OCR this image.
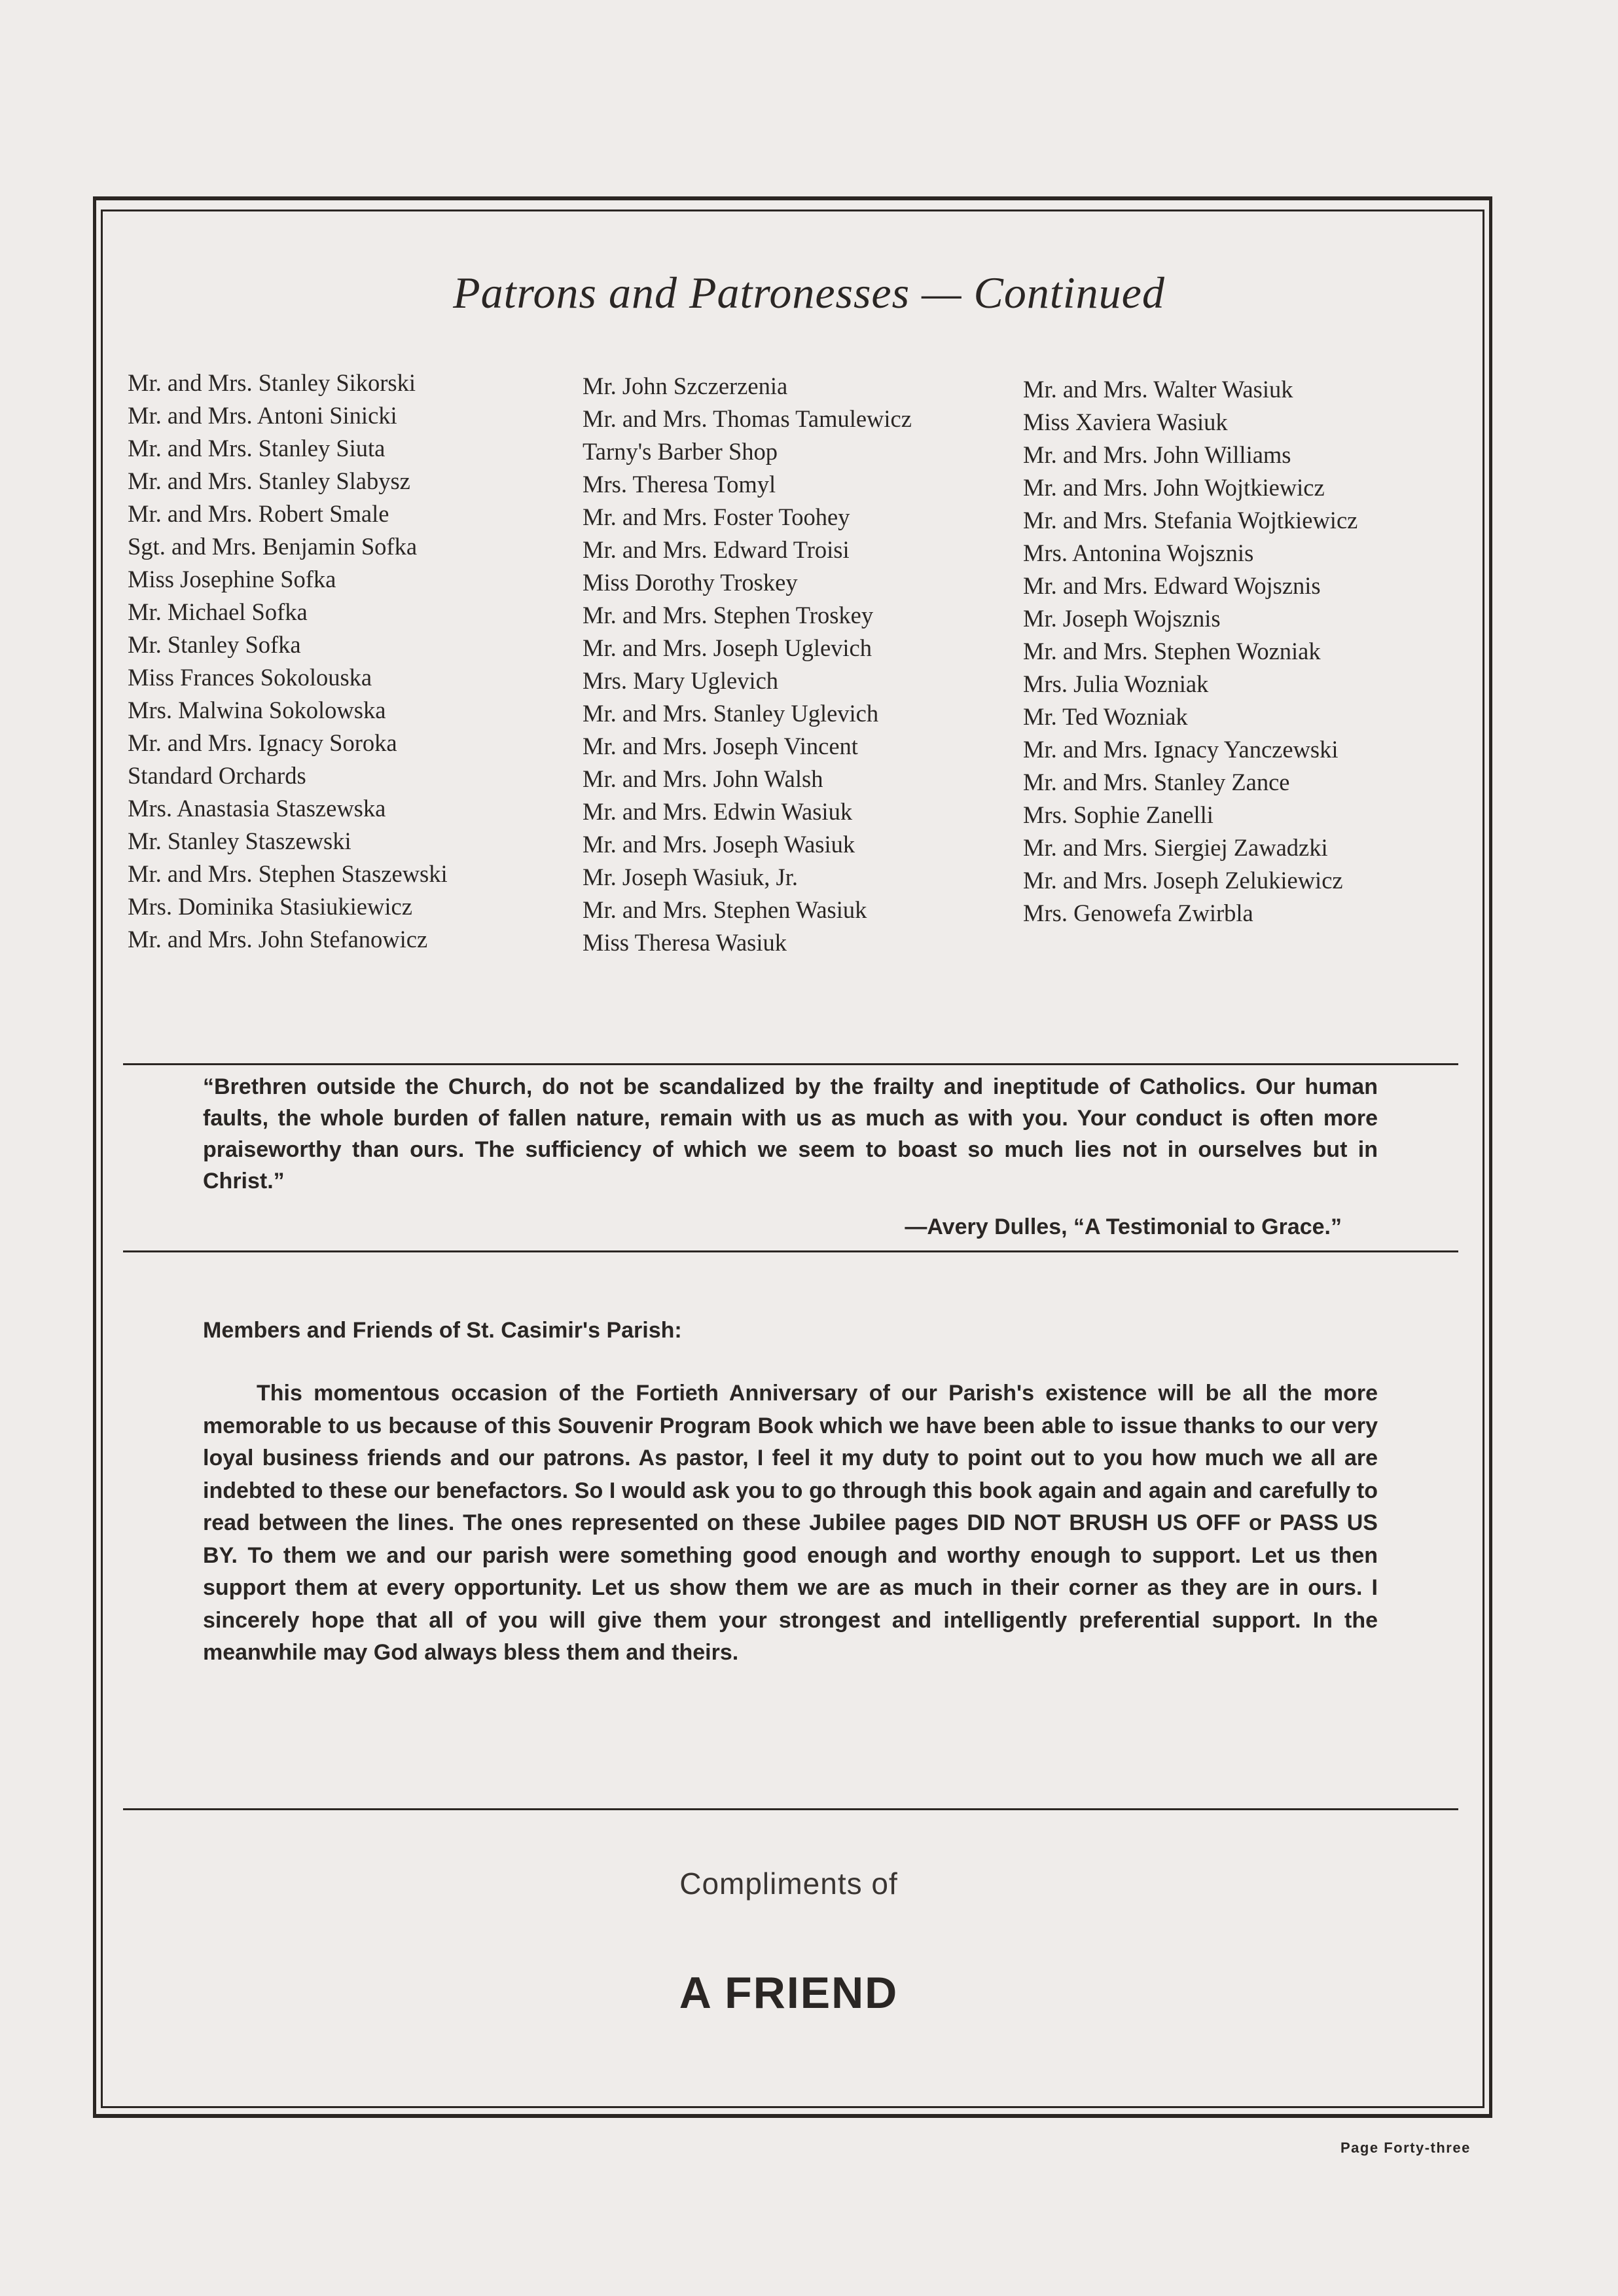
Patrons and Patronesses — Continued
Mr. and Mrs. Stanley Sikorski
Mr. and Mrs. Antoni Sinicki
Mr. and Mrs. Stanley Siuta
Mr. and Mrs. Stanley Slabysz
Mr. and Mrs. Robert Smale
Sgt. and Mrs. Benjamin Sofka
Miss Josephine Sofka
Mr. Michael Sofka
Mr. Stanley Sofka
Miss Frances Sokolouska
Mrs. Malwina Sokolowska
Mr. and Mrs. Ignacy Soroka
Standard Orchards
Mrs. Anastasia Staszewska
Mr. Stanley Staszewski
Mr. and Mrs. Stephen Staszewski
Mrs. Dominika Stasiukiewicz
Mr. and Mrs. John Stefanowicz
Mr. John Szczerzenia
Mr. and Mrs. Thomas Tamulewicz
Tarny's Barber Shop
Mrs. Theresa Tomyl
Mr. and Mrs. Foster Toohey
Mr. and Mrs. Edward Troisi
Miss Dorothy Troskey
Mr. and Mrs. Stephen Troskey
Mr. and Mrs. Joseph Uglevich
Mrs. Mary Uglevich
Mr. and Mrs. Stanley Uglevich
Mr. and Mrs. Joseph Vincent
Mr. and Mrs. John Walsh
Mr. and Mrs. Edwin Wasiuk
Mr. and Mrs. Joseph Wasiuk
Mr. Joseph Wasiuk, Jr.
Mr. and Mrs. Stephen Wasiuk
Miss Theresa Wasiuk
Mr. and Mrs. Walter Wasiuk
Miss Xaviera Wasiuk
Mr. and Mrs. John Williams
Mr. and Mrs. John Wojtkiewicz
Mr. and Mrs. Stefania Wojtkiewicz
Mrs. Antonina Wojsznis
Mr. and Mrs. Edward Wojsznis
Mr. Joseph Wojsznis
Mr. and Mrs. Stephen Wozniak
Mrs. Julia Wozniak
Mr. Ted Wozniak
Mr. and Mrs. Ignacy Yanczewski
Mr. and Mrs. Stanley Zance
Mrs. Sophie Zanelli
Mr. and Mrs. Siergiej Zawadzki
Mr. and Mrs. Joseph Zelukiewicz
Mrs. Genowefa Zwirbla
“Brethren outside the Church, do not be scandalized by the frailty and ineptitude of Catholics. Our human faults, the whole burden of fallen nature, remain with us as much as with you. Your conduct is often more praiseworthy than ours. The sufficiency of which we seem to boast so much lies not in ourselves but in Christ.”
—Avery Dulles, “A Testimonial to Grace.”
Members and Friends of St. Casimir's Parish:
This momentous occasion of the Fortieth Anniversary of our Parish's existence will be all the more memorable to us because of this Souvenir Program Book which we have been able to issue thanks to our very loyal business friends and our patrons. As pastor, I feel it my duty to point out to you how much we all are indebted to these our benefactors. So I would ask you to go through this book again and again and carefully to read between the lines. The ones represented on these Jubilee pages DID NOT BRUSH US OFF or PASS US BY. To them we and our parish were something good enough and worthy enough to support. Let us then support them at every opportunity. Let us show them we are as much in their corner as they are in ours. I sincerely hope that all of you will give them your strongest and intelligently preferential support. In the meanwhile may God always bless them and theirs.
Compliments of
A FRIEND
Page Forty-three
